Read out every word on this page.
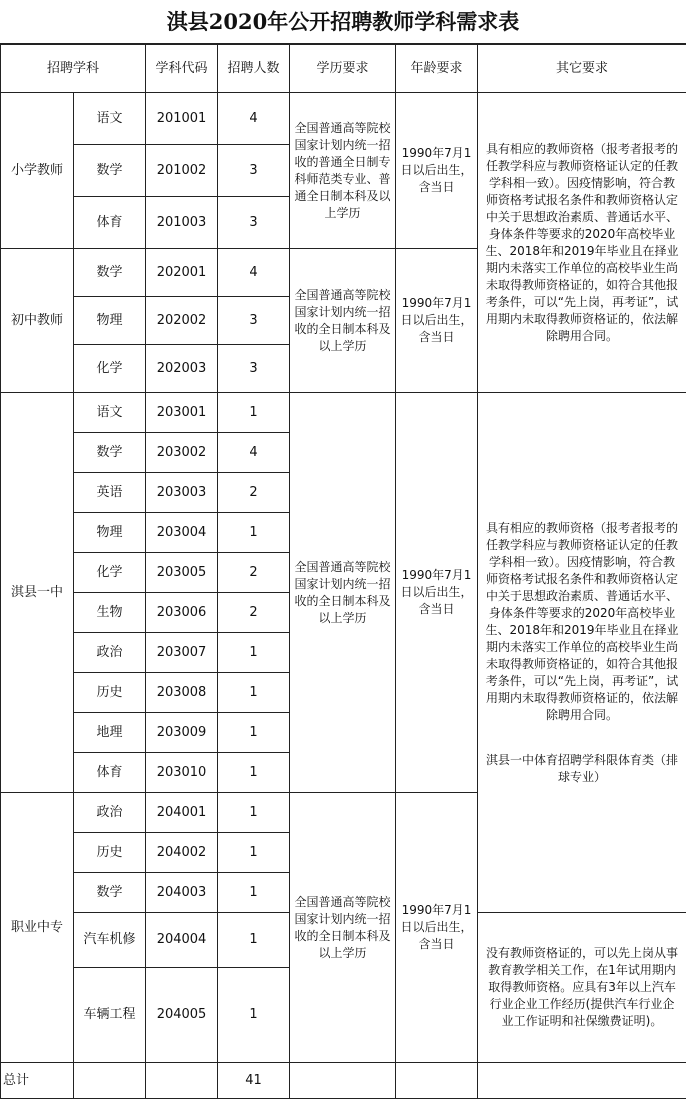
淇县2020年公开招聘教师学科需求表
招聘学科		学科代码	招聘人数	学历要求	年龄要求	其它要求
小学教师	语文	201001	4	全国普通高等院校国家计划内统一招收的普通全日制专科师范类专业、普通全日制本科及以上学历	1990年7月1日以后出生，含当日	具有相应的教师资格（报考者报考的任教学科应与教师资格证认定的任教学科相一致）。因疫情影响，符合教师资格考试报名条件和教师资格认定中关于思想政治素质、普通话水平、身体条件等要求的2020年高校毕业生、2018年和2019年毕业且在择业期内未落实工作单位的高校毕业生尚未取得教师资格证的，如符合其他报考条件，可以“先上岗，再考证”，试用期内未取得教师资格证的，依法解除聘用合同。
	数学	201002	3			
	体育	201003	3			
初中教师	数学	202001	4	全国普通高等院校国家计划内统一招收的全日制本科及以上学历	1990年7月1日以后出生，含当日	
	物理	202002	3			
	化学	202003	3			
淇县一中	语文	203001	1	全国普通高等院校国家计划内统一招收的全日制本科及以上学历	1990年7月1日以后出生，含当日	具有相应的教师资格（报考者报考的任教学科应与教师资格证认定的任教学科相一致）。因疫情影响，符合教师资格考试报名条件和教师资格认定中关于思想政治素质、普通话水平、身体条件等要求的2020年高校毕业生、2018年和2019年毕业且在择业期内未落实工作单位的高校毕业生尚未取得教师资格证的，如符合其他报考条件，可以“先上岗，再考证”，试用期内未取得教师资格证的，依法解除聘用合同。
淇县一中体育招聘学科限体育类（排球专业）

	数学	203002	4			
	英语	203003	2			
	物理	203004	1			
	化学	203005	2			
	生物	203006	2			
	政治	203007	1			
	历史	203008	1			
	地理	203009	1			
	体育	203010	1			
职业中专	政治	204001	1	全国普通高等院校国家计划内统一招收的全日制本科及以上学历	1990年7月1日以后出生，含当日	
	历史	204002	1			
	数学	204003	1			
	汽车机修	204004	1			没有教师资格证的，可以先上岗从事教育教学相关工作，在1年试用期内取得教师资格。应具有3年以上汽车行业企业工作经历(提供汽车行业企业工作证明和社保缴费证明)。
	车辆工程	204005	1			
总计			41			
